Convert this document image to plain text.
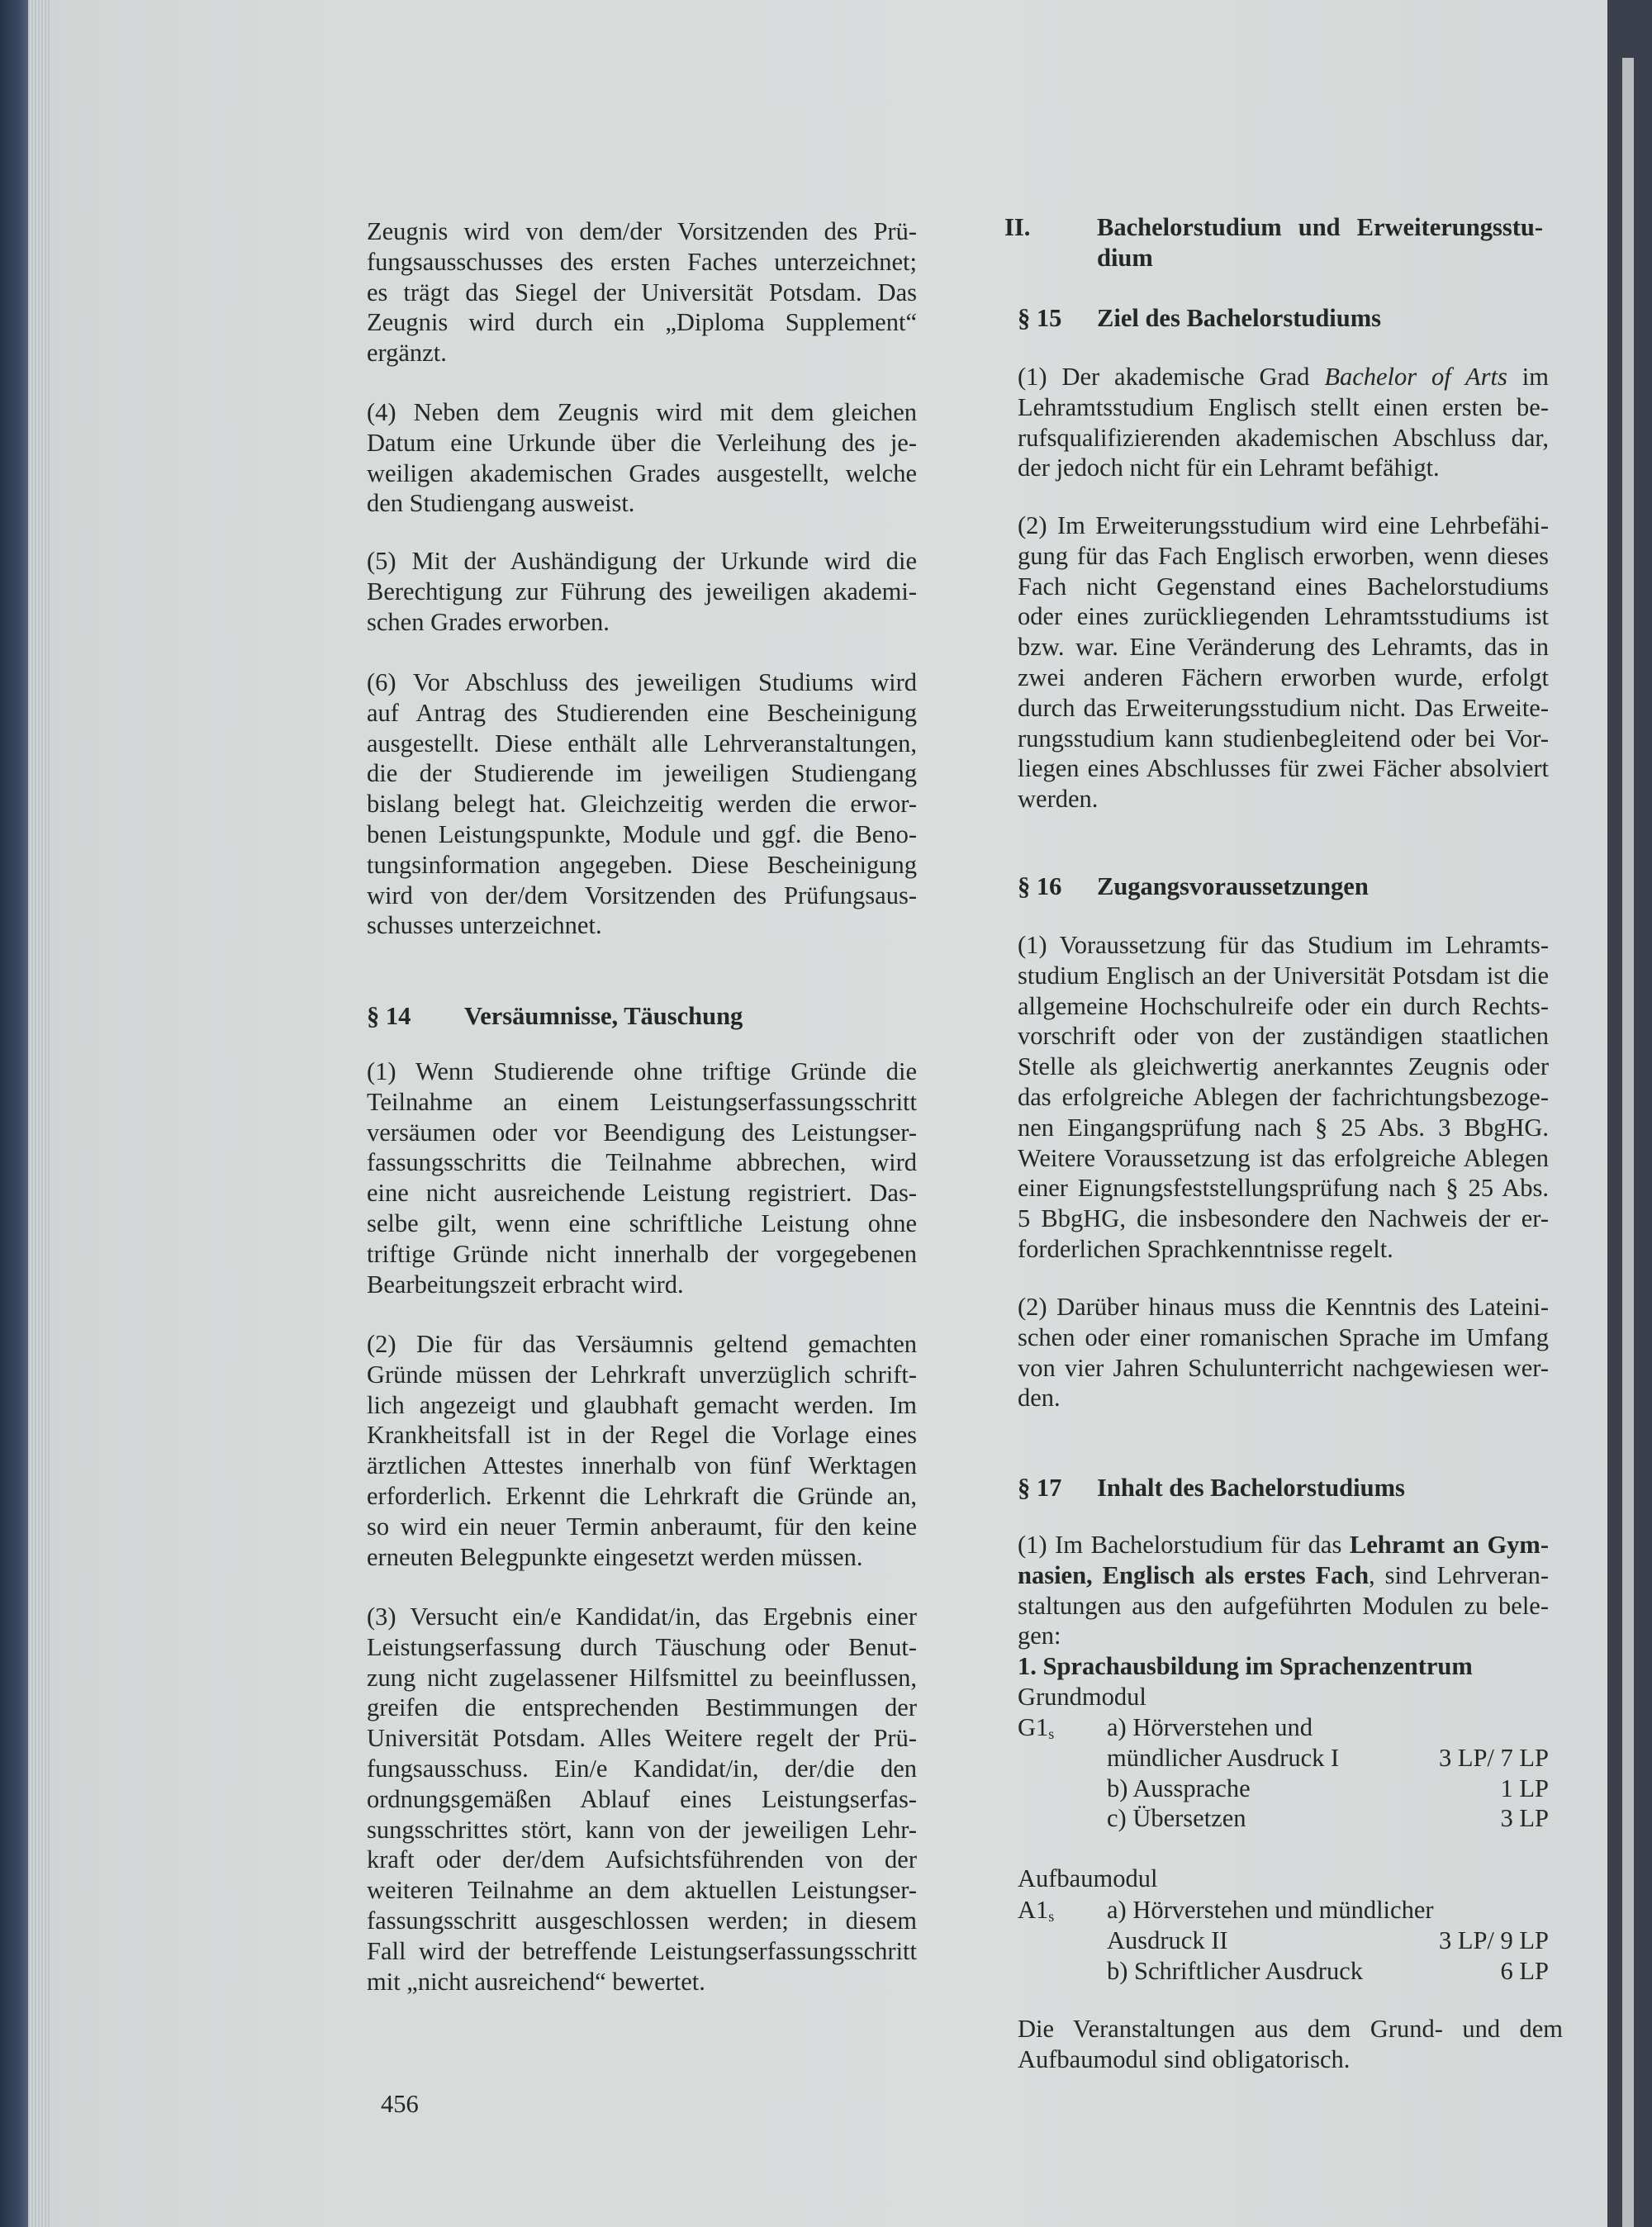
Zeugnis wird von dem/der Vorsitzenden des Prü-
fungsausschusses des ersten Faches unterzeichnet;
es trägt das Siegel der Universität Potsdam. Das
Zeugnis wird durch ein „Diploma Supplement“
ergänzt.
(4) Neben dem Zeugnis wird mit dem gleichen
Datum eine Urkunde über die Verleihung des je-
weiligen akademischen Grades ausgestellt, welche
den Studiengang ausweist.
(5) Mit der Aushändigung der Urkunde wird die
Berechtigung zur Führung des jeweiligen akademi-
schen Grades erworben.
(6) Vor Abschluss des jeweiligen Studiums wird
auf Antrag des Studierenden eine Bescheinigung
ausgestellt. Diese enthält alle Lehrveranstaltungen,
die der Studierende im jeweiligen Studiengang
bislang belegt hat. Gleichzeitig werden die erwor-
benen Leistungspunkte, Module und ggf. die Beno-
tungsinformation angegeben. Diese Bescheinigung
wird von der/dem Vorsitzenden des Prüfungsaus-
schusses unterzeichnet.
§ 14 Versäumnisse, Täuschung
(1) Wenn Studierende ohne triftige Gründe die
Teilnahme an einem Leistungserfassungsschritt
versäumen oder vor Beendigung des Leistungser-
fassungsschritts die Teilnahme abbrechen, wird
eine nicht ausreichende Leistung registriert. Das-
selbe gilt, wenn eine schriftliche Leistung ohne
triftige Gründe nicht innerhalb der vorgegebenen
Bearbeitungszeit erbracht wird.
(2) Die für das Versäumnis geltend gemachten
Gründe müssen der Lehrkraft unverzüglich schrift-
lich angezeigt und glaubhaft gemacht werden. Im
Krankheitsfall ist in der Regel die Vorlage eines
ärztlichen Attestes innerhalb von fünf Werktagen
erforderlich. Erkennt die Lehrkraft die Gründe an,
so wird ein neuer Termin anberaumt, für den keine
erneuten Belegpunkte eingesetzt werden müssen.
(3) Versucht ein/e Kandidat/in, das Ergebnis einer
Leistungserfassung durch Täuschung oder Benut-
zung nicht zugelassener Hilfsmittel zu beeinflussen,
greifen die entsprechenden Bestimmungen der
Universität Potsdam. Alles Weitere regelt der Prü-
fungsausschuss. Ein/e Kandidat/in, der/die den
ordnungsgemäßen Ablauf eines Leistungserfas-
sungsschrittes stört, kann von der jeweiligen Lehr-
kraft oder der/dem Aufsichtsführenden von der
weiteren Teilnahme an dem aktuellen Leistungser-
fassungsschritt ausgeschlossen werden; in diesem
Fall wird der betreffende Leistungserfassungsschritt
mit „nicht ausreichend“ bewertet.
456
II.	Bachelorstudium und Erweiterungsstu-
dium
§ 15 Ziel des Bachelorstudiums
(1) Der akademische Grad Bachelor of Arts im
Lehramtsstudium Englisch stellt einen ersten be-
rufsqualifizierenden akademischen Abschluss dar,
der jedoch nicht für ein Lehramt befähigt.
(2) Im Erweiterungsstudium wird eine Lehrbefähi-
gung für das Fach Englisch erworben, wenn dieses
Fach nicht Gegenstand eines Bachelorstudiums
oder eines zurückliegenden Lehramtsstudiums ist
bzw. war. Eine Veränderung des Lehramts, das in
zwei anderen Fächern erworben wurde, erfolgt
durch das Erweiterungsstudium nicht. Das Erweite-
rungsstudium kann studienbegleitend oder bei Vor-
liegen eines Abschlusses für zwei Fächer absolviert
werden.
§ 16 Zugangsvoraussetzungen
(1) Voraussetzung für das Studium im Lehramts-
studium Englisch an der Universität Potsdam ist die
allgemeine Hochschulreife oder ein durch Rechts-
vorschrift oder von der zuständigen staatlichen
Stelle als gleichwertig anerkanntes Zeugnis oder
das erfolgreiche Ablegen der fachrichtungsbezoge-
nen Eingangsprüfung nach § 25 Abs. 3 BbgHG.
Weitere Voraussetzung ist das erfolgreiche Ablegen
einer Eignungsfeststellungsprüfung nach § 25 Abs.
5 BbgHG, die insbesondere den Nachweis der er-
forderlichen Sprachkenntnisse regelt.
(2) Darüber hinaus muss die Kenntnis des Lateini-
schen oder einer romanischen Sprache im Umfang
von vier Jahren Schulunterricht nachgewiesen wer-
den.
§ 17 Inhalt des Bachelorstudiums
(1) Im Bachelorstudium für das Lehramt an Gym-
nasien, Englisch als erstes Fach, sind Lehrveran-
staltungen aus den aufgeführten Modulen zu bele-
gen:
1. Sprachausbildung im Sprachenzentrum
Grundmodul
$G1_s$ a) Hörverstehen und
mündlicher Ausdruck I	3 LP/ 7 LP
b) Aussprache	1 LP
c) Übersetzen	3 LP
Aufbaumodul
$A1_s$ a) Hörverstehen und mündlicher
Ausdruck II	3 LP/ 9 LP
b) Schriftlicher Ausdruck	6 LP
Die Veranstaltungen aus dem Grund- und dem
Aufbaumodul sind obligatorisch.
